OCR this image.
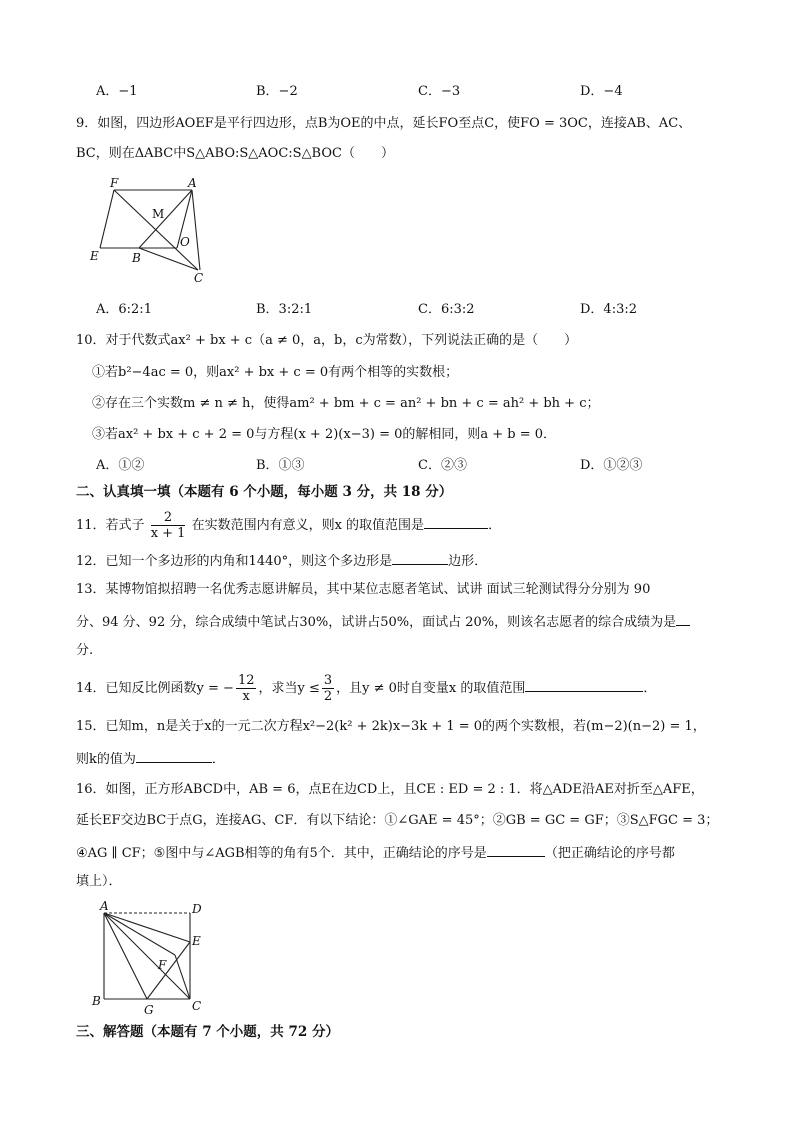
A．−1	B．−2	C．−3	D．−4
9．如图，四边形AOEF是平行四边形，点B为OE的中点，延长FO至点C，使FO = 3OC，连接AB、AC、
BC，则在ΔABC中S△ABO:S△AOC:S△BOC（　　）
F	A
M
O
E	B
C
A．6:2:1	B．3:2:1	C．6:3:2	D．4:3:2
10．对于代数式ax² + bx + c（a ≠ 0，a，b，c为常数），下列说法正确的是（　　）
①若b²−4ac = 0，则ax² + bx + c = 0有两个相等的实数根；
②存在三个实数m ≠ n ≠ h，使得am² + bm + c = an² + bn + c = ah² + bh + c；
③若ax² + bx + c + 2 = 0与方程(x + 2)(x−3) = 0的解相同，则a + b = 0．
A．①②	B．①③	C．②③	D．①②③
二、认真填一填（本题有 6 个小题，每小题 3 分，共 18 分）
11．若式子 $\frac{2}{x + 1}$ 在实数范围内有意义，则x 的取值范围是	．
12．已知一个多边形的内角和1440°，则这个多边形是	边形．
13．某博物馆拟招聘一名优秀志愿讲解员，其中某位志愿者笔试、试讲 面试三轮测试得分分别为 90
分、94 分、92 分，综合成绩中笔试占30%，试讲占50%，面试占 20%，则该名志愿者的综合成绩为是
分.
14．已知反比例函数y = − $\frac{12}{x}$ ，求当$y \le \frac{3}{2}$ ，且y ≠ 0时自变量x 的取值范围	．
15．已知m，n是关于x的一元二次方程x²−2(k² + 2k)x−3k + 1 = 0的两个实数根，若(m−2)(n−2) = 1，
则k的值为	．
16．如图，正方形ABCD中，AB = 6，点E在边CD上，且CE : ED = 2 : 1．将△ADE沿AE对折至△AFE，
延长EF交边BC于点G，连接AG、CF．有以下结论：①∠GAE = 45°；②GB = GC = GF；③S△FGC = 3；
④AG ∥ CF；⑤图中与∠AGB相等的角有5个．其中，正确结论的序号是	（把正确结论的序号都
填上）．
A	D
E
F
B
G	C
三、解答题（本题有 7 个小题，共 72 分）
